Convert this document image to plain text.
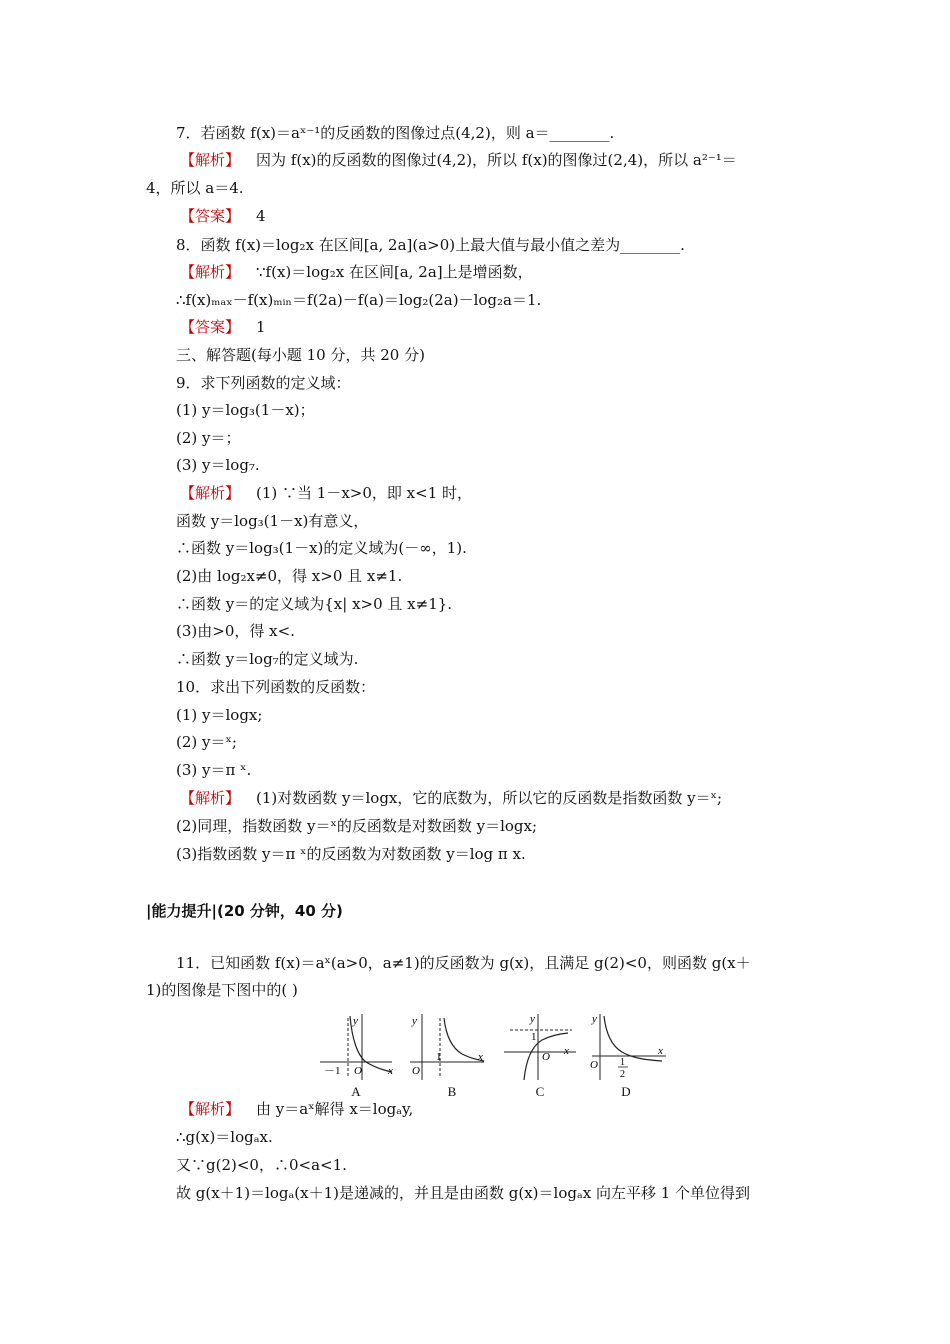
7．若函数 f(x)＝aˣ⁻¹的反函数的图像过点(4,2)，则 a＝________.
【解析】 因为 f(x)的反函数的图像过(4,2)，所以 f(x)的图像过(2,4)，所以 a²⁻¹＝
4，所以 a＝4.
【答案】 4
8．函数 f(x)＝log₂x 在区间[a, 2a](a>0)上最大值与最小值之差为________.
【解析】 ∵f(x)＝log₂x 在区间[a, 2a]上是增函数，
∴f(x)ₘₐₓ－f(x)ₘᵢₙ＝f(2a)－f(a)＝log₂(2a)－log₂a＝1.
【答案】 1
三、解答题(每小题 10 分，共 20 分)
9．求下列函数的定义域：
(1) y＝log₃(1－x)；
(2) y＝；
(3) y＝log₇.
【解析】 (1) ∵当 1－x>0，即 x<1 时，
函数 y＝log₃(1－x)有意义，
∴函数 y＝log₃(1－x)的定义域为(－∞，1).
(2)由 log₂x≠0，得 x>0 且 x≠1.
∴函数 y＝的定义域为{x| x>0 且 x≠1}.
(3)由>0，得 x<.
∴函数 y＝log₇的定义域为.
10．求出下列函数的反函数：
(1) y＝logx;
(2) y＝ˣ;
(3) y＝π ˣ.
【解析】 (1)对数函数 y＝logx，它的底数为，所以它的反函数是指数函数 y＝ˣ;
(2)同理，指数函数 y＝ˣ的反函数是对数函数 y＝logx;
(3)指数函数 y＝π ˣ的反函数为对数函数 y＝log π x.
|能力提升|(20 分钟，40 分)
11．已知函数 f(x)＝aˣ(a>0，a≠1)的反函数为 g(x)，且满足 g(2)<0，则函数 g(x＋
1)的图像是下图中的( )
y
x
O
－1
y
x
O
1
y
x
O
1
y
x
O 1
2
A	B	C	D
【解析】 由 y＝aˣ解得 x＝logₐy,
∴g(x)＝logₐx.
又∵g(2)<0，∴0<a<1.
故 g(x＋1)＝logₐ(x＋1)是递减的，并且是由函数 g(x)＝logₐx 向左平移 1 个单位得到
